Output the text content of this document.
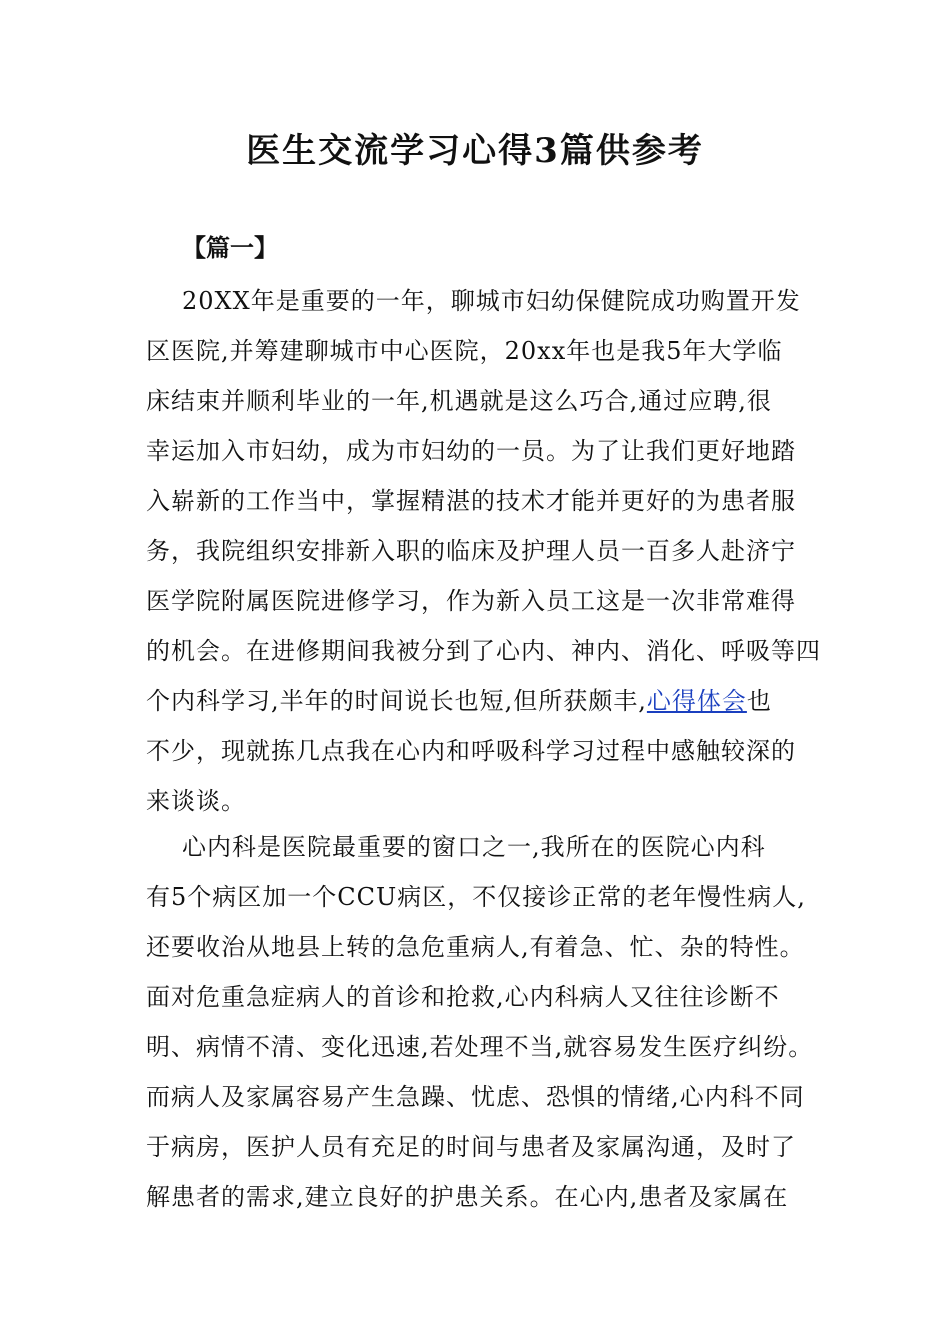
医生交流学习心得3篇供参考
【篇一】
20XX年是重要的一年，聊城市妇幼保健院成功购置开发
区医院,并筹建聊城市中心医院，20xx年也是我5年大学临
床结束并顺利毕业的一年,机遇就是这么巧合,通过应聘,很
幸运加入市妇幼，成为市妇幼的一员。为了让我们更好地踏
入崭新的工作当中，掌握精湛的技术才能并更好的为患者服
务，我院组织安排新入职的临床及护理人员一百多人赴济宁
医学院附属医院进修学习，作为新入员工这是一次非常难得
的机会。在进修期间我被分到了心内、神内、消化、呼吸等四
个内科学习,半年的时间说长也短,但所获颇丰,心得体会也
不少，现就拣几点我在心内和呼吸科学习过程中感触较深的
来谈谈。
心内科是医院最重要的窗口之一,我所在的医院心内科
有5个病区加一个CCU病区，不仅接诊正常的老年慢性病人,
还要收治从地县上转的急危重病人,有着急、忙、杂的特性。
面对危重急症病人的首诊和抢救,心内科病人又往往诊断不
明、病情不清、变化迅速,若处理不当,就容易发生医疗纠纷。
而病人及家属容易产生急躁、忧虑、恐惧的情绪,心内科不同
于病房，医护人员有充足的时间与患者及家属沟通，及时了
解患者的需求,建立良好的护患关系。在心内,患者及家属在
